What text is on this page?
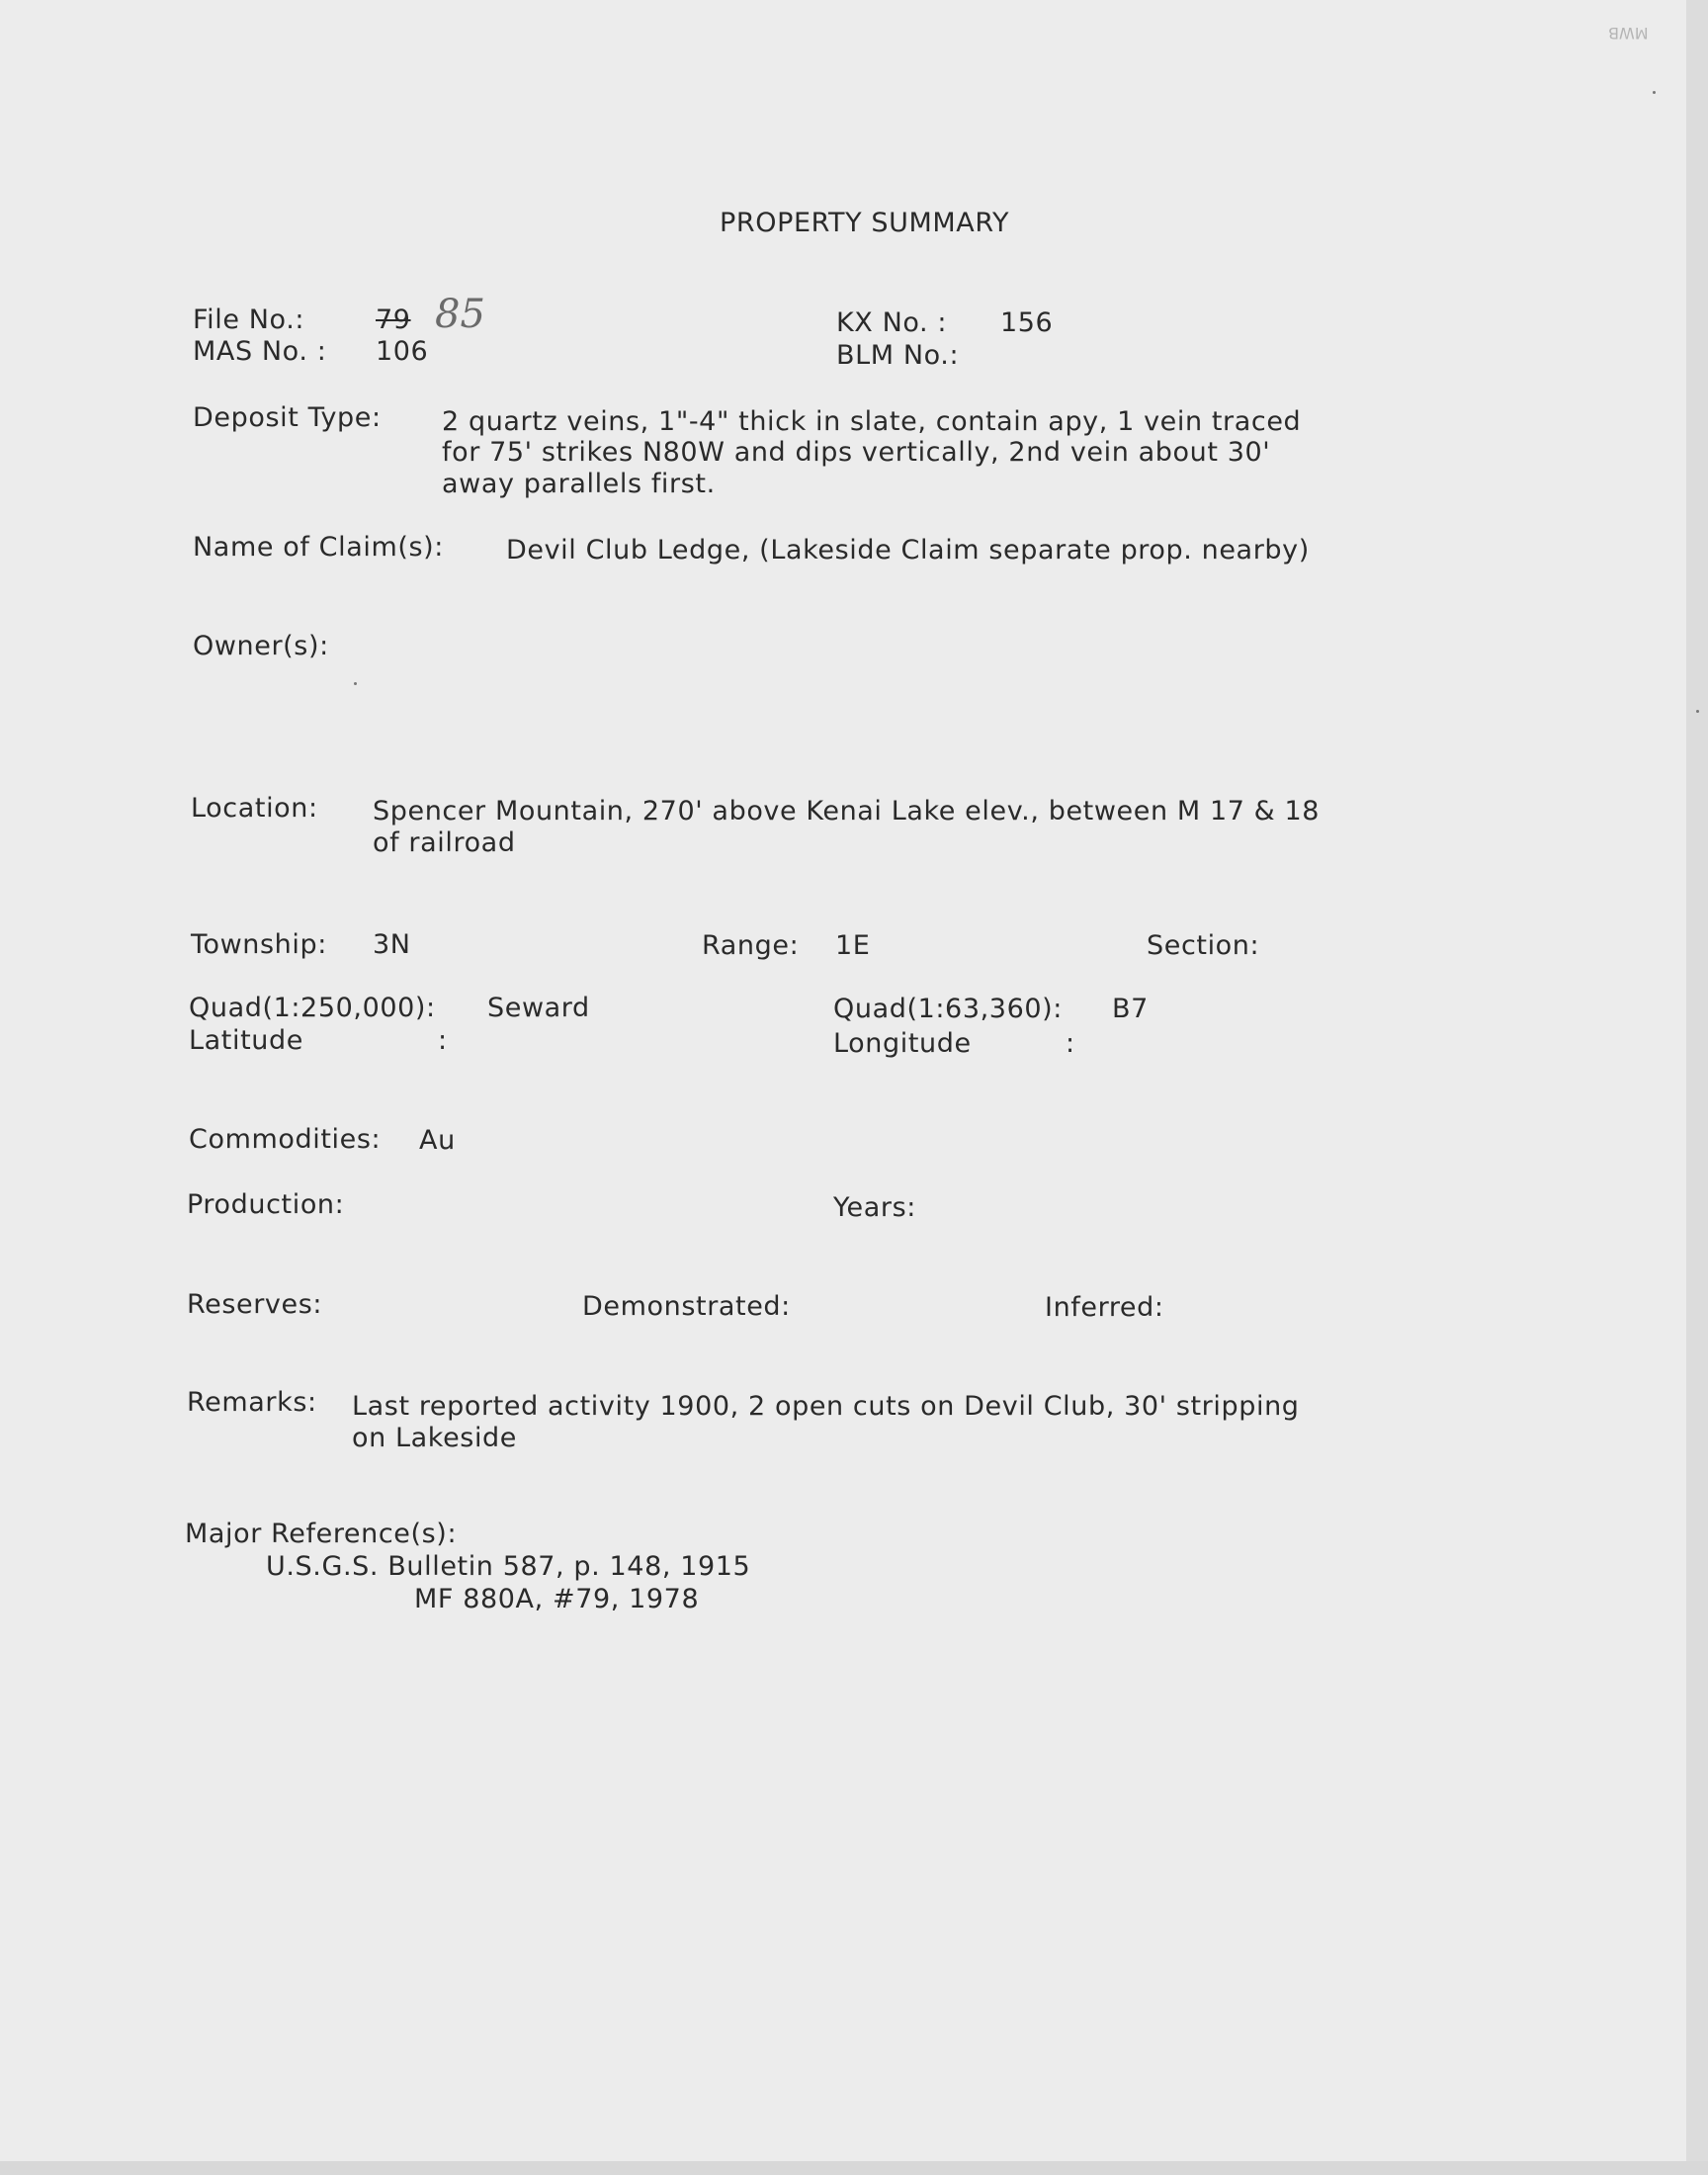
MWB
PROPERTY SUMMARY
File No.:	79 85
MAS No. : 106
KX No. : 156
BLM No.:
Deposit Type: 2 quartz veins, 1"-4" thick in slate, contain apy, 1 vein traced
for 75' strikes N80W and dips vertically, 2nd vein about 30'
away parallels first.
Name of Claim(s): Devil Club Ledge, (Lakeside Claim separate prop. nearby)
Owner(s):
Location: Spencer Mountain, 270' above Kenai Lake elev., between M 17 & 18
of railroad
Township: 3N	Range: 1E	Section:
Quad(1:250,000): Seward	Quad(1:63,360): B7
Latitude	:	Longitude	:
Commodities: Au
Production:	Years:
Reserves:	Demonstrated:	Inferred:
Remarks: Last reported activity 1900, 2 open cuts on Devil Club, 30' stripping
on Lakeside
Major Reference(s):
U.S.G.S. Bulletin 587, p. 148, 1915
MF 880A, #79, 1978
